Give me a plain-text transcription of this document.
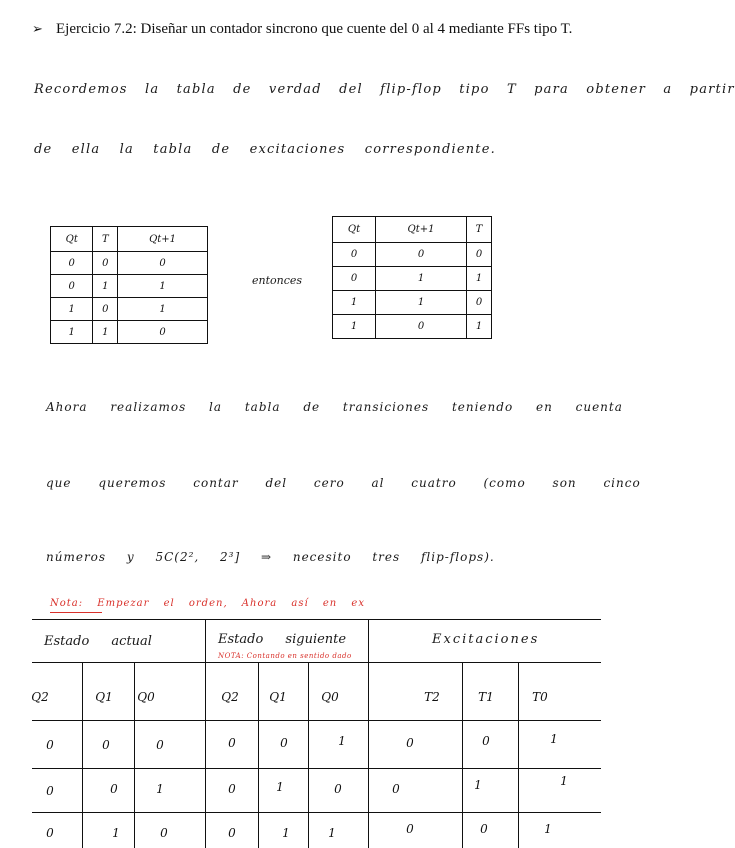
➢ Ejercicio 7.2: Diseñar un contador sincrono que cuente del 0 al 4 mediante FFs tipo T.
Recordemos la tabla de verdad del flip-flop tipo T para obtener a partir
de ella la tabla de excitaciones correspondiente.
Qt	T	Qt+1
0	0	0
0	1	1
1	0	1
1	1	0
entonces
Qt	Qt+1	T
0	0	0
0	1	1
1	1	0
1	0	1
Ahora realizamos la tabla de transiciones teniendo en cuenta
que queremos contar del cero al cuatro (como son cinco
números y 5C(2², 2³] ⇒ necesito tres flip-flops).
Nota: Empezar el orden, Ahora así en ex
Estado actual	Estado siguiente
NOTA: Contando en sentido dado
Excitaciones
Q2	Q1	Q0	Q2	Q1	Q0	T2	T1	T0
0	0	0	0	0	1	0	0	1
0	0	1	0	1	0	0	1	1
0	1	0	0	1	1	0	0	1
